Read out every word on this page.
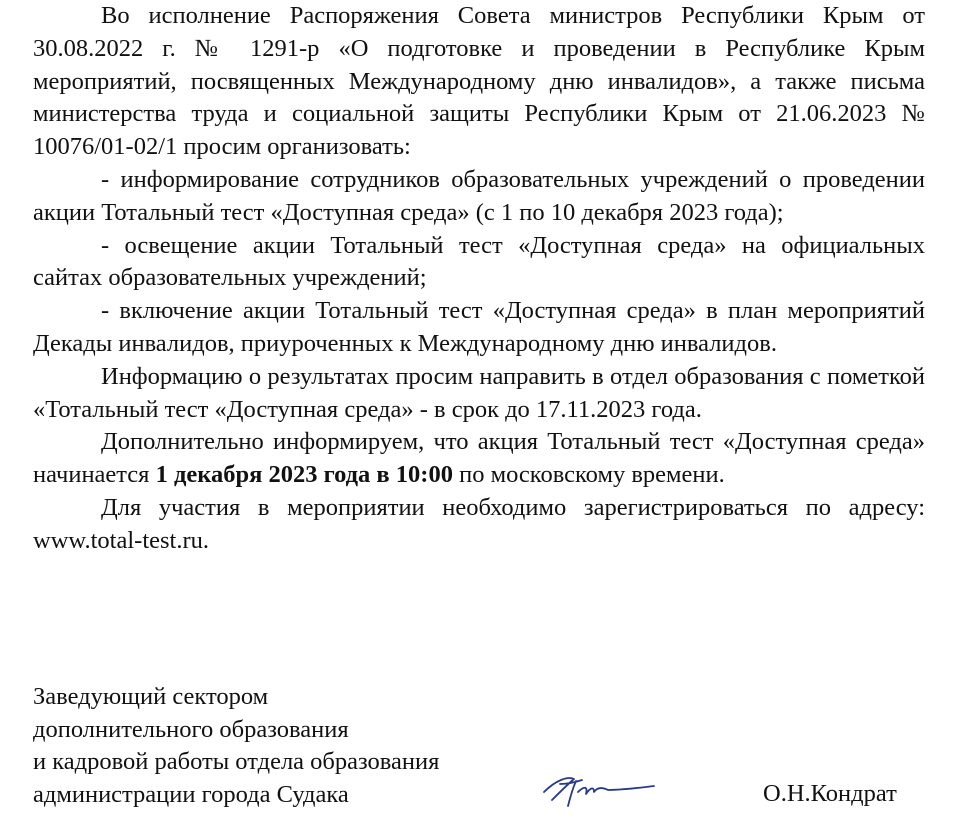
Во исполнение Распоряжения Совета министров Республики Крым от 30.08.2022 г. № 1291-р «О подготовке и проведении в Республике Крым мероприятий, посвященных Международному дню инвалидов», а также письма министерства труда и социальной защиты Республики Крым от 21.06.2023 № 10076/01-02/1 просим организовать:

- информирование сотрудников образовательных учреждений о проведении акции Тотальный тест «Доступная среда» (с 1 по 10 декабря 2023 года);

- освещение акции Тотальный тест «Доступная среда» на официальных сайтах образовательных учреждений;

- включение акции Тотальный тест «Доступная среда» в план мероприятий Декады инвалидов, приуроченных к Международному дню инвалидов.

Информацию о результатах просим направить в отдел образования с пометкой «Тотальный тест «Доступная среда» - в срок до 17.11.2023 года.

Дополнительно информируем, что акция Тотальный тест «Доступная среда» начинается 1 декабря 2023 года в 10:00 по московскому времени.

Для участия в мероприятии необходимо зарегистрироваться по адресу: www.total-test.ru.

Заведующий сектором
дополнительного образования
и кадровой работы отдела образования
администрации города Судака	О.Н.Кондрат
